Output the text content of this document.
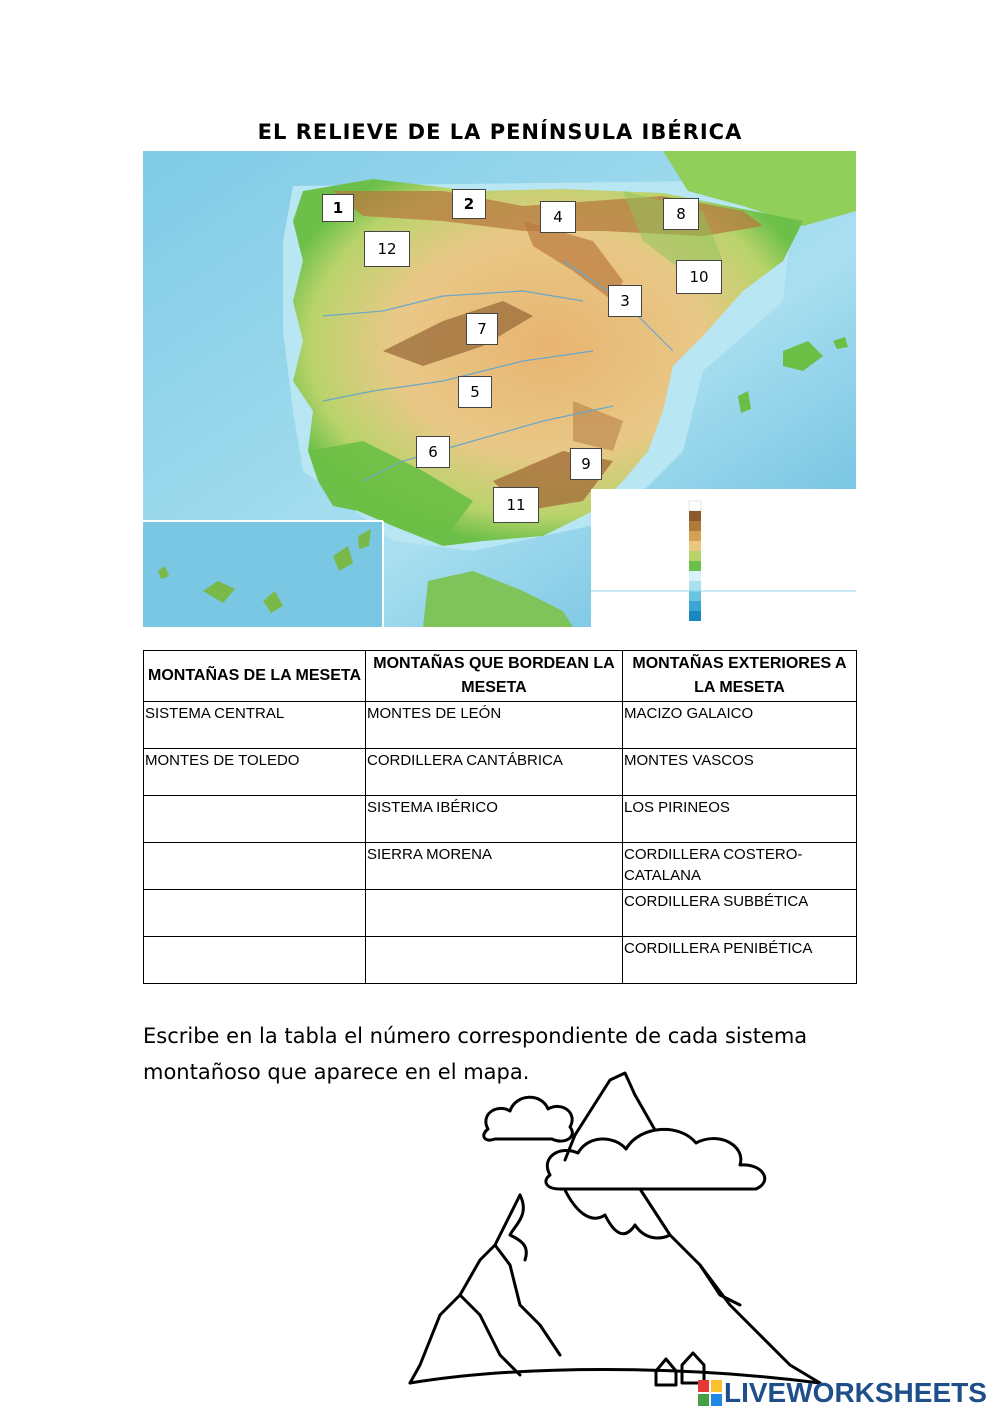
EL RELIEVE DE LA PENÍNSULA IBÉRICA
1	2
4	8
12
10
3
7
5
6
9
11
MONTAÑAS DE LA MESETA	MONTAÑAS QUE BORDEAN LA MESETA	MONTAÑAS EXTERIORES A LA MESETA
SISTEMA CENTRAL	MONTES DE LEÓN	MACIZO GALAICO
MONTES DE TOLEDO	CORDILLERA CANTÁBRICA	MONTES VASCOS
	SISTEMA IBÉRICO	LOS PIRINEOS
	SIERRA MORENA	CORDILLERA COSTERO-CATALANA
		CORDILLERA SUBBÉTICA
		CORDILLERA PENIBÉTICA
Escribe en la tabla el número correspondiente de cada sistema montañoso que aparece en el mapa.
LIVEWORKSHEETS
